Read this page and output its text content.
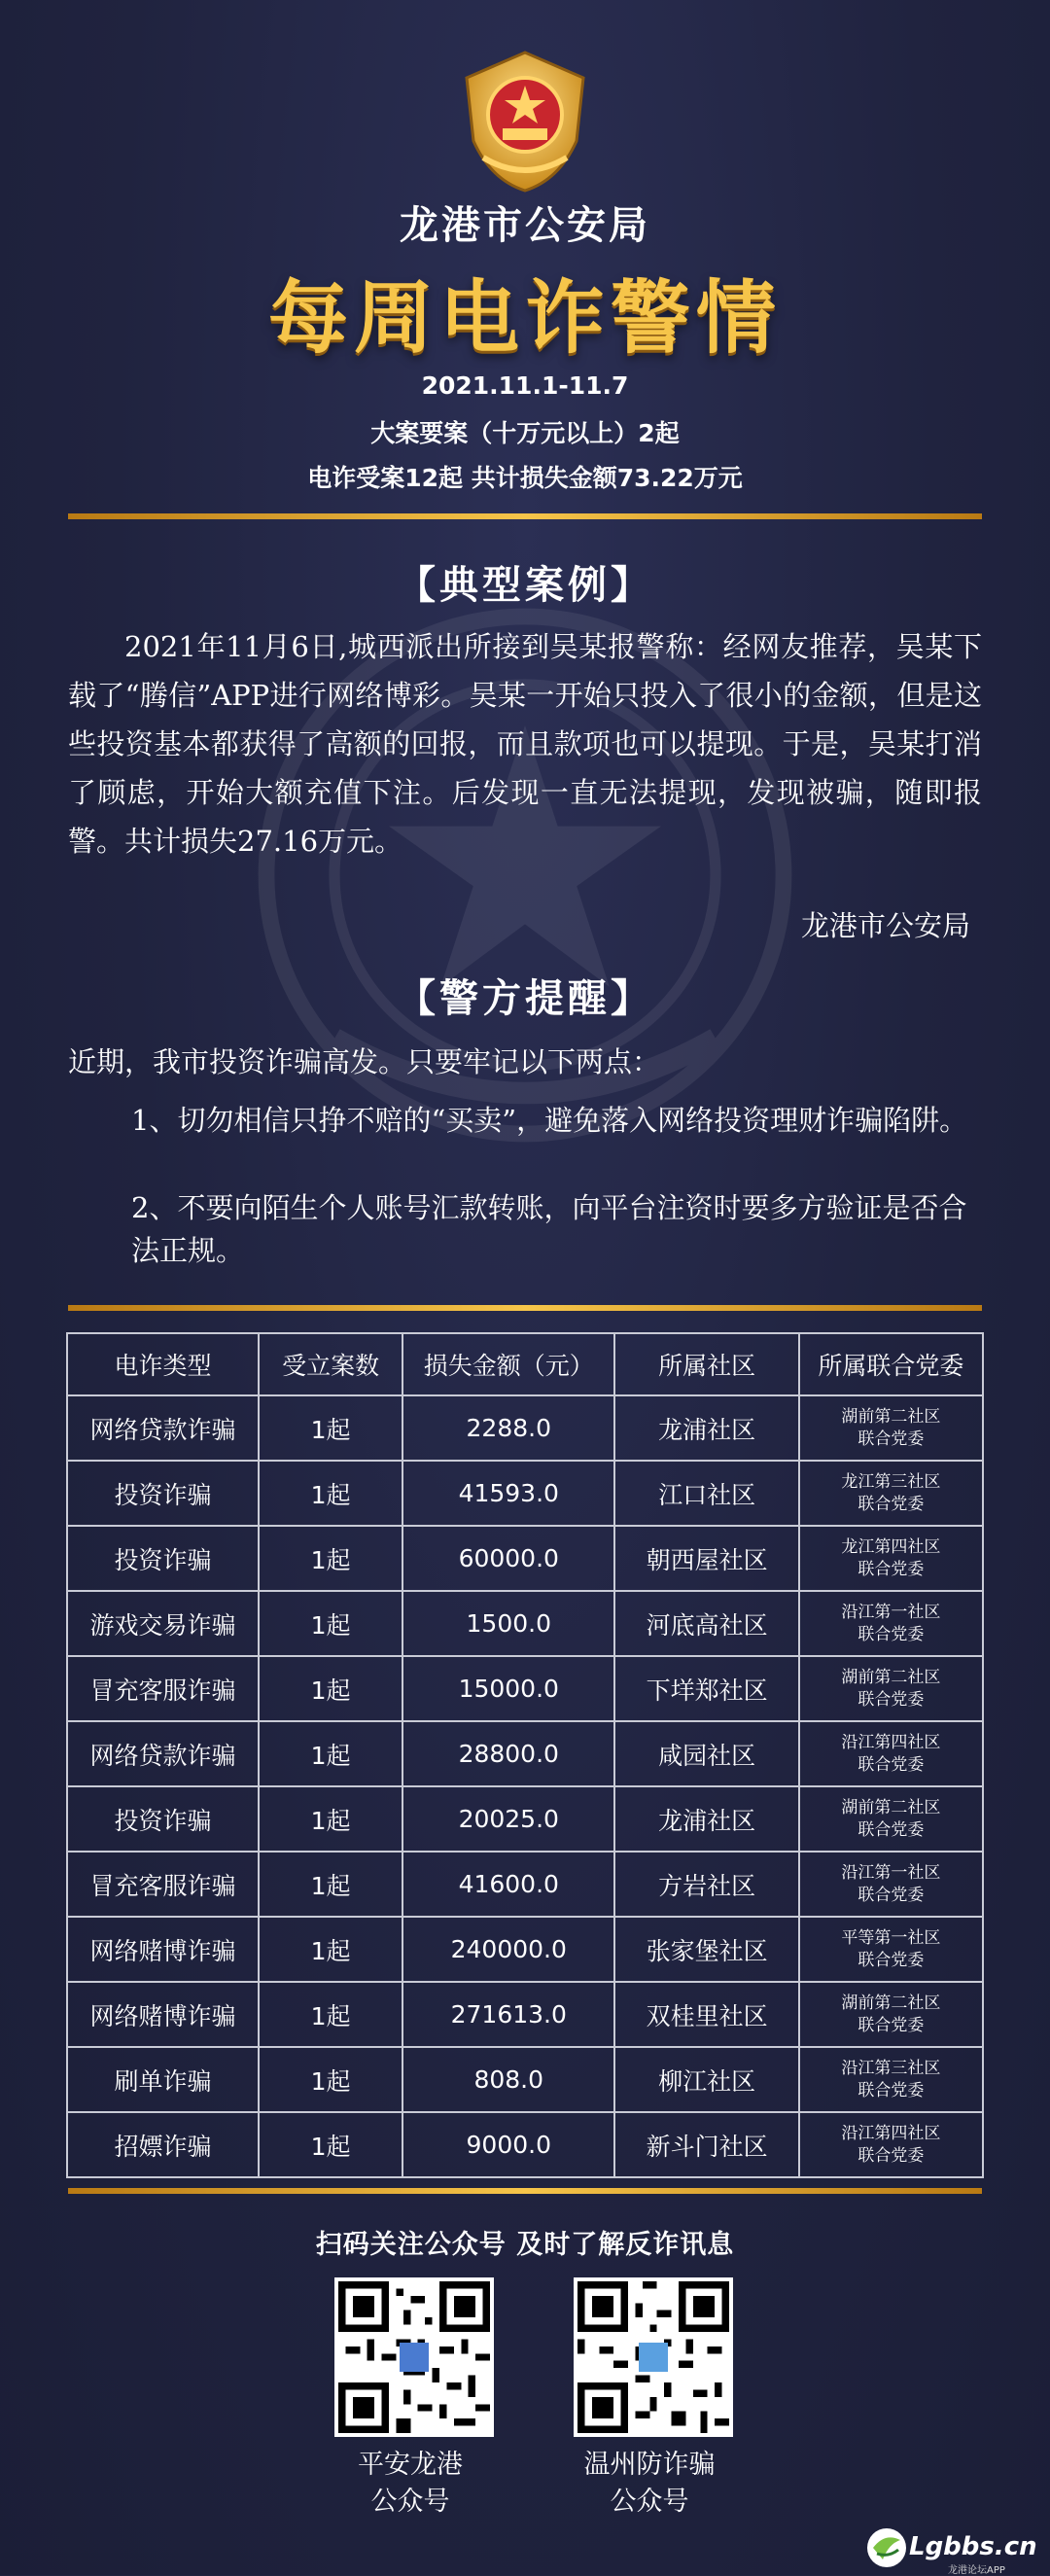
龙港市公安局
每周电诈警情
2021.11.1-11.7
大案要案（十万元以上）2起
电诈受案12起 共计损失金额73.22万元
【典型案例】
2021年11月6日,城西派出所接到吴某报警称：经网友推荐，吴某下载了“腾信”APP进行网络博彩。吴某一开始只投入了很小的金额，但是这些投资基本都获得了高额的回报，而且款项也可以提现。于是，吴某打消了顾虑，开始大额充值下注。后发现一直无法提现，发现被骗，随即报警。共计损失27.16万元。
龙港市公安局
【警方提醒】
近期，我市投资诈骗高发。只要牢记以下两点：
1、切勿相信只挣不赔的“买卖”，避免落入网络投资理财诈骗陷阱。
2、不要向陌生个人账号汇款转账，向平台注资时要多方验证是否合法正规。
电诈类型	受立案数	损失金额（元）	所属社区	所属联合党委
网络贷款诈骗	1起	2288.0	龙浦社区	湖前第二社区
联合党委

投资诈骗	1起	41593.0	江口社区	龙江第三社区
联合党委

投资诈骗	1起	60000.0	朝西屋社区	龙江第四社区
联合党委

游戏交易诈骗	1起	1500.0	河底高社区	沿江第一社区
联合党委

冒充客服诈骗	1起	15000.0	下垟郑社区	湖前第二社区
联合党委

网络贷款诈骗	1起	28800.0	咸园社区	沿江第四社区
联合党委

投资诈骗	1起	20025.0	龙浦社区	湖前第二社区
联合党委

冒充客服诈骗	1起	41600.0	方岩社区	沿江第一社区
联合党委

网络赌博诈骗	1起	240000.0	张家堡社区	平等第一社区
联合党委

网络赌博诈骗	1起	271613.0	双桂里社区	湖前第二社区
联合党委

刷单诈骗	1起	808.0	柳江社区	沿江第三社区
联合党委

招嫖诈骗	1起	9000.0	新斗门社区	沿江第四社区
联合党委
扫码关注公众号 及时了解反诈讯息
平安龙港
公众号
温州防诈骗
公众号
Lgbbs.cn
龙港论坛APP
